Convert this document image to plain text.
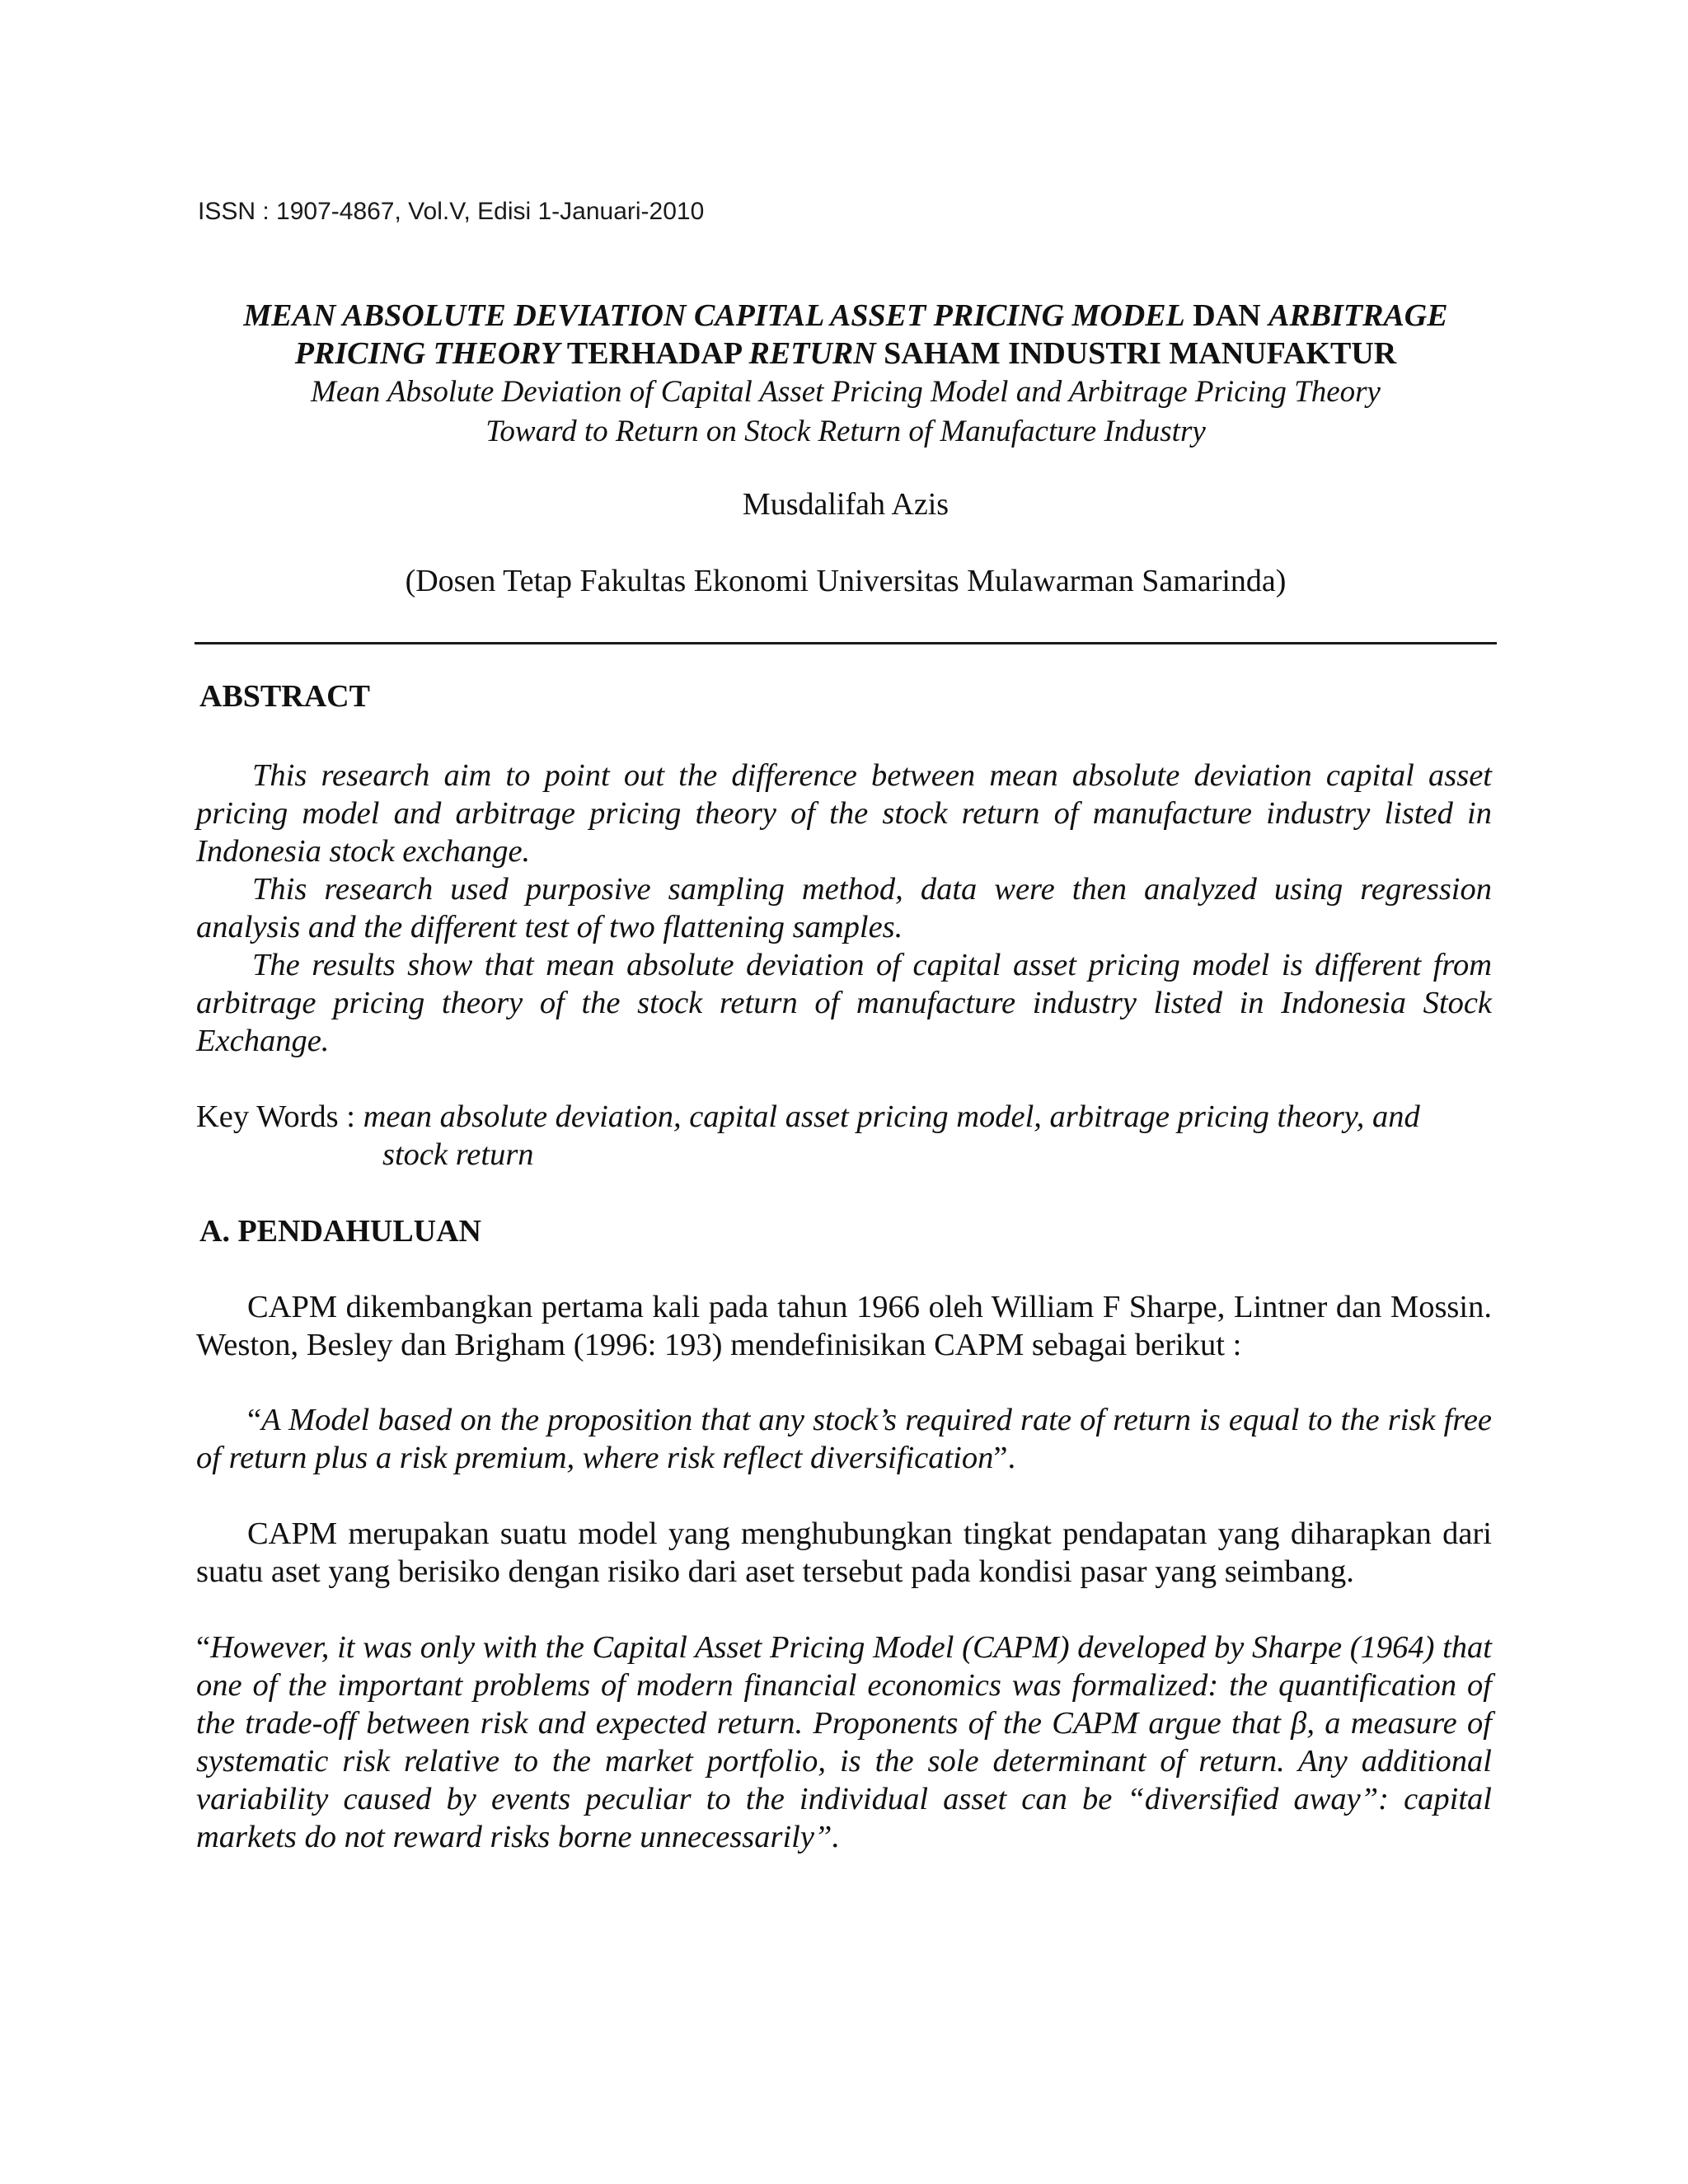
ISSN : 1907-4867, Vol.V, Edisi 1-Januari-2010
MEAN ABSOLUTE DEVIATION CAPITAL ASSET PRICING MODEL DAN ARBITRAGE
PRICING THEORY TERHADAP RETURN SAHAM INDUSTRI MANUFAKTUR
Mean Absolute Deviation of Capital Asset Pricing Model and Arbitrage Pricing Theory
Toward to Return on Stock Return of Manufacture Industry
Musdalifah Azis
(Dosen Tetap Fakultas Ekonomi Universitas Mulawarman Samarinda)
ABSTRACT

This research aim to point out the difference between mean absolute deviation capital asset pricing model and arbitrage pricing theory of the stock return of manufacture industry listed in Indonesia stock exchange.

This research used purposive sampling method, data were then analyzed using regression analysis and the different test of two flattening samples.

The results show that mean absolute deviation of capital asset pricing model is different from arbitrage pricing theory of the stock return of manufacture industry listed in Indonesia Stock Exchange.

Key Words : mean absolute deviation, capital asset pricing model, arbitrage pricing theory, and

stock return

A. PENDAHULUAN

CAPM dikembangkan pertama kali pada tahun 1966 oleh William F Sharpe, Lintner dan Mossin. Weston, Besley dan Brigham (1996: 193) mendefinisikan CAPM sebagai berikut :

“A Model based on the proposition that any stock’s required rate of return is equal to the risk free of return plus a risk premium, where risk reflect diversification”.

CAPM merupakan suatu model yang menghubungkan tingkat pendapatan yang diharapkan dari suatu aset yang berisiko dengan risiko dari aset tersebut pada kondisi pasar yang seimbang.

“However, it was only with the Capital Asset Pricing Model (CAPM) developed by Sharpe (1964) that one of the important problems of modern financial economics was formalized: the quantification of the trade-off between risk and expected return. Proponents of the CAPM argue that β, a measure of systematic risk relative to the market portfolio, is the sole determinant of return. Any additional variability caused by events peculiar to the individual asset can be “diversified away”: capital markets do not reward risks borne unnecessarily”.
